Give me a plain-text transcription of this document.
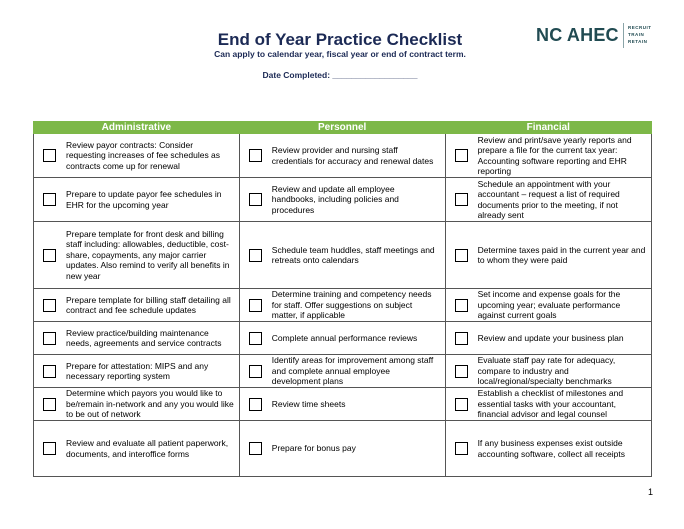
End of Year Practice Checklist
Can apply to calendar year, fiscal year or end of contract term.
Date Completed: __________________
NC AHEC RECRUIT
TRAIN
RETAIN
Administrative	Personnel	Financial

Review payor contracts: Consider requesting increases of fee schedules as contracts come up for renewal	Review provider and nursing staff credentials for accuracy and renewal dates	Review and print/save yearly reports and prepare a file for the current tax year: Accounting software reporting and EHR reporting

Prepare to update payor fee schedules in EHR for the upcoming year	Review and update all employee handbooks, including policies and procedures	Schedule an appointment with your accountant – request a list of required documents prior to the meeting, if not already sent

Prepare template for front desk and billing staff including: allowables, deductible, cost-share, copayments, any major carrier updates. Also remind to verify all benefits in new year	Schedule team huddles, staff meetings and retreats onto calendars	Determine taxes paid in the current year and to whom they were paid

Prepare template for billing staff detailing all contract and fee schedule updates	Determine training and competency needs for staff. Offer suggestions on subject matter, if applicable	Set income and expense goals for the upcoming year; evaluate performance against current goals

Review practice/building maintenance needs, agreements and service contracts	Complete annual performance reviews	Review and update your business plan

Prepare for attestation: MIPS and any necessary reporting system	Identify areas for improvement among staff and complete annual employee development plans	Evaluate staff pay rate for adequacy, compare to industry and local/regional/specialty benchmarks

Determine which payors you would like to be/remain in-network and any you would like to be out of network	Review time sheets	Establish a checklist of milestones and essential tasks with your accountant, financial advisor and legal counsel

Review and evaluate all patient paperwork, documents, and interoffice forms	Prepare for bonus pay	If any business expenses exist outside accounting software, collect all receipts
1
